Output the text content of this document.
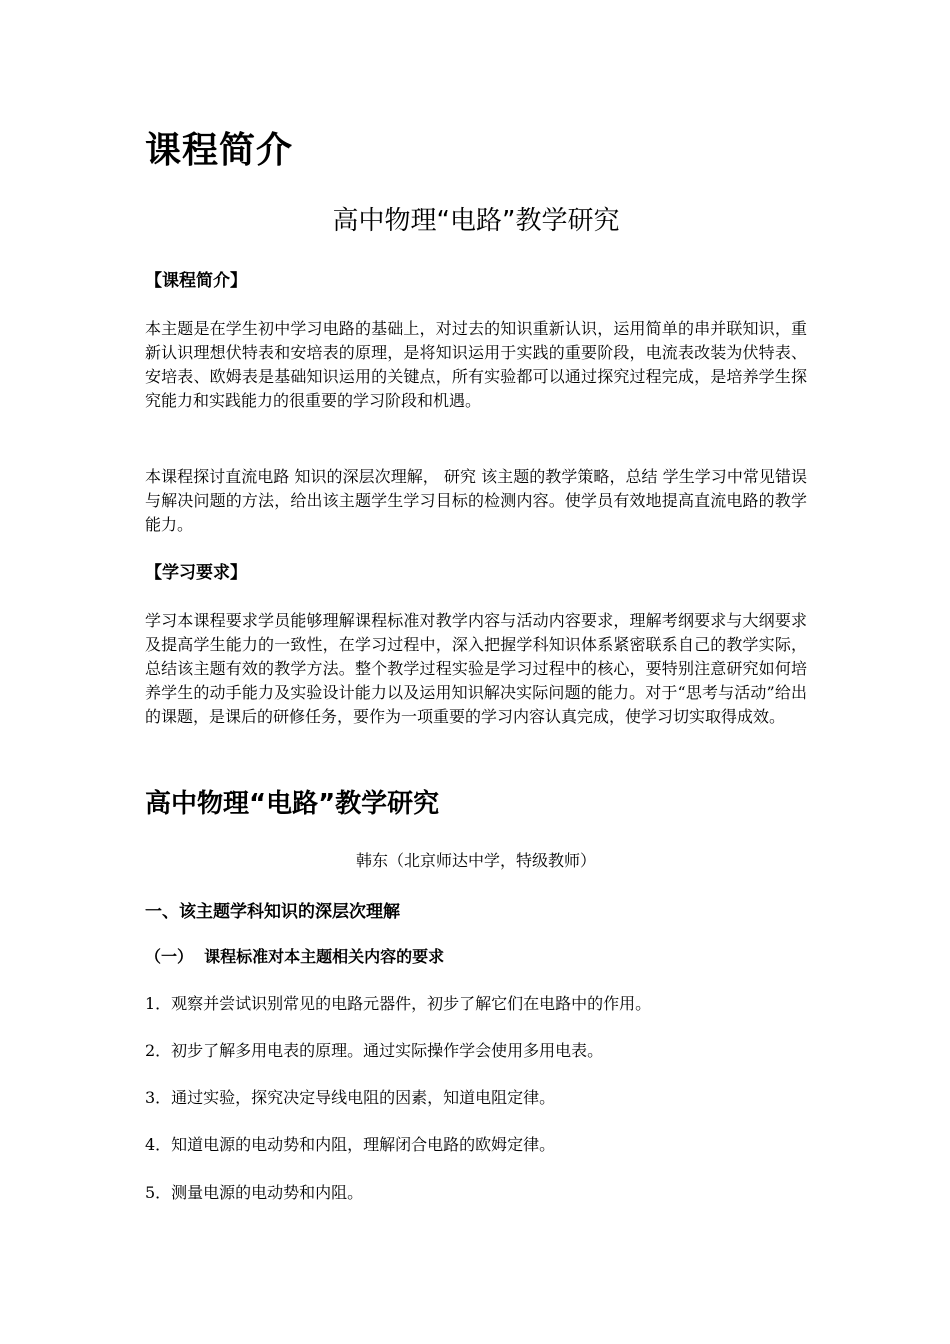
课程简介
高中物理“电路”教学研究
【课程简介】

本主题是在学生初中学习电路的基础上，对过去的知识重新认识，运用简单的串并联知识，重新认识理想伏特表和安培表的原理，是将知识运用于实践的重要阶段，电流表改装为伏特表、安培表、欧姆表是基础知识运用的关键点，所有实验都可以通过探究过程完成，是培养学生探究能力和实践能力的很重要的学习阶段和机遇。

本课程探讨直流电路 知识的深层次理解， 研究 该主题的教学策略，总结 学生学习中常见错误与解决问题的方法，给出该主题学生学习目标的检测内容。使学员有效地提高直流电路的教学能力。

【学习要求】

学习本课程要求学员能够理解课程标准对教学内容与活动内容要求，理解考纲要求与大纲要求及提高学生能力的一致性，在学习过程中，深入把握学科知识体系紧密联系自己的教学实际，总结该主题有效的教学方法。整个教学过程实验是学习过程中的核心，要特别注意研究如何培养学生的动手能力及实验设计能力以及运用知识解决实际问题的能力。对于“思考与活动”给出的课题，是课后的研修任务，要作为一项重要的学习内容认真完成，使学习切实取得成效。

高中物理“电路”教学研究
韩东（北京师达中学，特级教师）
一、该主题学科知识的深层次理解
（一）  课程标准对本主题相关内容的要求
1．观察并尝试识别常见的电路元器件，初步了解它们在电路中的作用。
2．初步了解多用电表的原理。通过实际操作学会使用多用电表。
3．通过实验，探究决定导线电阻的因素，知道电阻定律。
4．知道电源的电动势和内阻，理解闭合电路的欧姆定律。
5．测量电源的电动势和内阻。
